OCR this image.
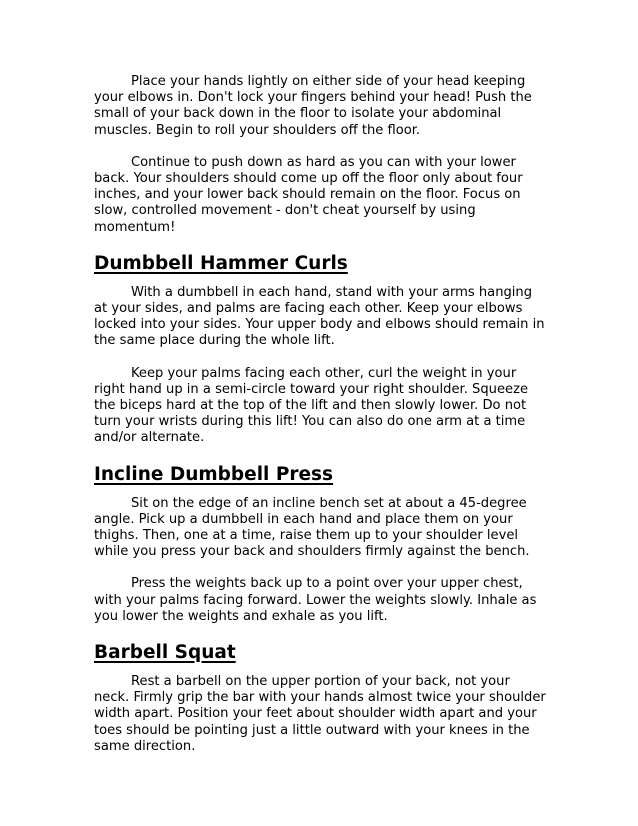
Place your hands lightly on either side of your head keeping your elbows in. Don't lock your fingers behind your head! Push the small of your back down in the floor to isolate your abdominal muscles. Begin to roll your shoulders off the floor.

Continue to push down as hard as you can with your lower back. Your shoulders should come up off the floor only about four inches, and your lower back should remain on the floor. Focus on slow, controlled movement - don't cheat yourself by using momentum!

Dumbbell Hammer Curls

With a dumbbell in each hand, stand with your arms hanging at your sides, and palms are facing each other. Keep your elbows locked into your sides. Your upper body and elbows should remain in the same place during the whole lift.

Keep your palms facing each other, curl the weight in your right hand up in a semi-circle toward your right shoulder. Squeeze the biceps hard at the top of the lift and then slowly lower. Do not turn your wrists during this lift! You can also do one arm at a time and/or alternate.

Incline Dumbbell Press

Sit on the edge of an incline bench set at about a 45-degree angle. Pick up a dumbbell in each hand and place them on your thighs. Then, one at a time, raise them up to your shoulder level while you press your back and shoulders firmly against the bench.

Press the weights back up to a point over your upper chest, with your palms facing forward. Lower the weights slowly. Inhale as you lower the weights and exhale as you lift.

Barbell Squat

Rest a barbell on the upper portion of your back, not your neck. Firmly grip the bar with your hands almost twice your shoulder width apart. Position your feet about shoulder width apart and your toes should be pointing just a little outward with your knees in the same direction.
